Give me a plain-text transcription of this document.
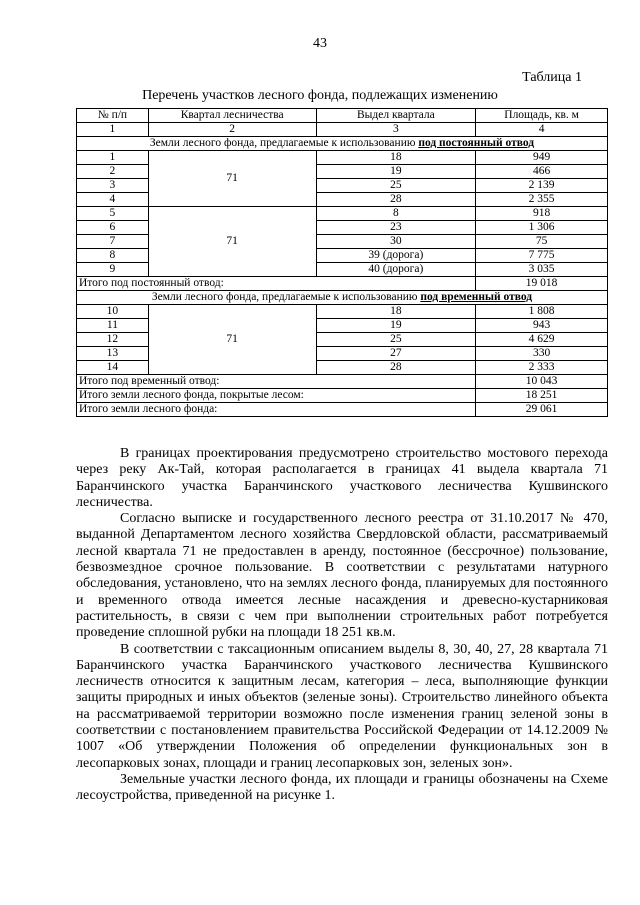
43
Таблица 1
Перечень участков лесного фонда, подлежащих изменению
№ п/п	Квартал лесничества	Выдел квартала	Площадь, кв. м
1	2	3	4
Земли лесного фонда, предлагаемые к использованию под постоянный отвод			
1	71	18	949
2		19	466
3		25	2 139
4		28	2 355
5	71	8	918
6		23	1 306
7		30	75
8		39 (дорога)	7 775
9		40 (дорога)	3 035
Итого под постоянный отвод:			19 018
Земли лесного фонда, предлагаемые к использованию под временный отвод			
10	71	18	1 808
11		19	943
12		25	4 629
13		27	330
14		28	2 333
Итого под временный отвод:			10 043
Итого земли лесного фонда, покрытые лесом:			18 251
Итого земли лесного фонда:			29 061

В границах проектирования предусмотрено строительство мостового перехода через реку Ак-Тай, которая располагается в границах 41 выдела квартала 71 Баранчинского участка Баранчинского участкового лесничества Кушвинского лесничества.

Согласно выписке и государственного лесного реестра от 31.10.2017 № 470, выданной Департаментом лесного хозяйства Свердловской области, рассматриваемый лесной квартала 71 не предоставлен в аренду, постоянное (бессрочное) пользование, безвозмездное срочное пользование. В соответствии с результатами натурного обследования, установлено, что на землях лесного фонда, планируемых для постоянного и временного отвода имеется лесные насаждения и древесно-кустарниковая растительность, в связи с чем при выполнении строительных работ потребуется проведение сплошной рубки на площади 18 251 кв.м.

В соответствии с таксационным описанием выделы 8, 30, 40, 27, 28 квартала 71 Баранчинского участка Баранчинского участкового лесничества Кушвинского лесничеств относится к защитным лесам, категория – леса, выполняющие функции защиты природных и иных объектов (зеленые зоны). Строительство линейного объекта на рассматриваемой территории возможно после изменения границ зеленой зоны в соответствии с постановлением правительства Российской Федерации от 14.12.2009 № 1007 «Об утверждении Положения об определении функциональных зон в лесопарковых зонах, площади и границ лесопарковых зон, зеленых зон».

Земельные участки лесного фонда, их площади и границы обозначены на Схеме лесоустройства, приведенной на рисунке 1.
